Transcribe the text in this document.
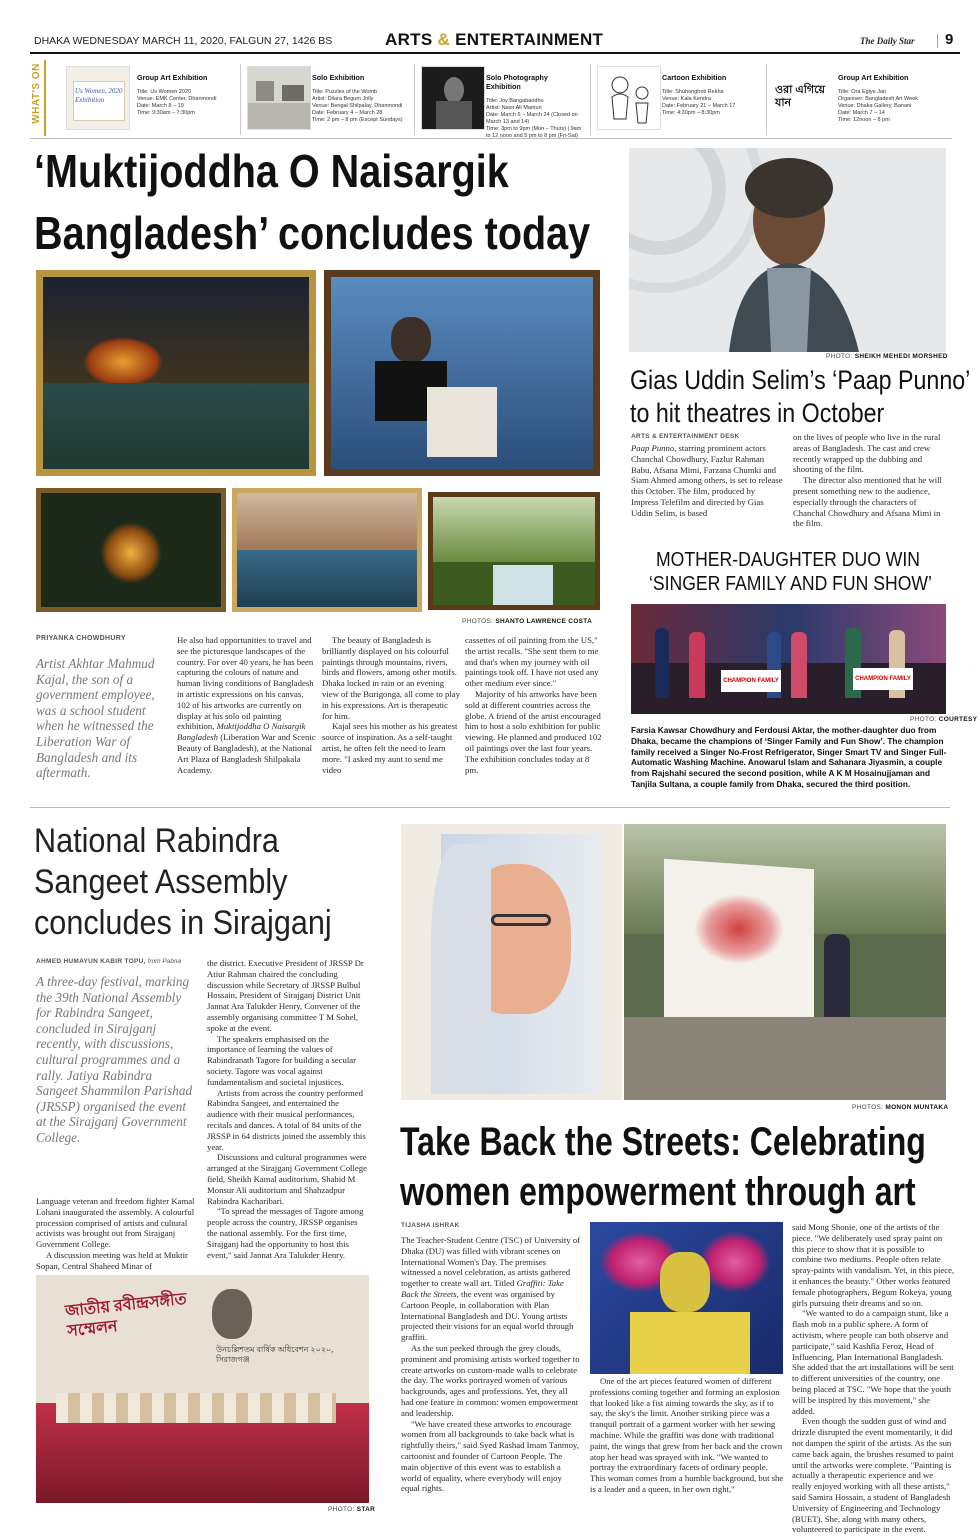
DHAKA WEDNESDAY MARCH 11, 2020, FALGUN 27, 1426 BS	ARTS & ENTERTAINMENT	The Daily Star 9
WHAT'S ON	Us Women, 2020 Exhibition

Group Art Exhibition

Title: Us Women 2020
Venue: EMK Center, Dhanmondi
Date: March 8 – 19
Time: 9:30am – 7:30pm

Solo Exhibition

Title: Puzzles of the Womb
Artist: Dilara Begum Jolly
Venue: Bengal Shilpalay, Dhanmondi
Date: February 4 – March 28
Time: 2 pm – 8 pm (Except Sundays)

Solo Photography Exhibition

Title: Joy Bangabandhu
Artist: Nasir Ali Mamun
Date: March 6 – March 24 (Closed on March 13 and 14)
Time: 3pm to 9pm (Mon – Thurs) | 9am to 12 noon and 5 pm to 8 pm (Fri-Sat)

Cartoon Exhibition

Title: Shuhonghoti Rekha
Venue: Kala Kendra
Date: February 21 – March 17
Time: 4:30pm – 8:30pm

ওরা এগিয়ে যান

Group Art Exhibition

Title: Ora Egiye Jan
Organiser: Bangladesh Art Week
Venue: Dhaka Gallery, Banani
Date: March 7 – 14
Time: 12noon – 8 pm

‘Muktijoddha O Naisargik
Bangladesh’ concludes today
PHOTOS: SHANTO LAWRENCE COSTA
PRIYANKA CHOWDHURY
Artist Akhtar Mahmud Kajal, the son of a government employee, was a school student when he witnessed the Liberation War of Bangladesh and its aftermath.

He also had opportunities to travel and see the picturesque landscapes of the country. For over 40 years, he has been capturing the colours of nature and human living conditions of Bangladesh in artistic expressions on his canvas. 102 of his artworks are currently on display at his solo oil painting exhibition, Muktijoddha O Naisargik Bangladesh (Liberation War and Scenic Beauty of Bangladesh), at the National Art Plaza of Bangladesh Shilpakala Academy.

The beauty of Bangladesh is brilliantly displayed on his colourful paintings through mountains, rivers, birds and flowers, among other motifs. Dhaka locked in rain or an evening view of the Burigonga, all come to play in his expressions. Art is therapeutic for him.

Kajal sees his mother as his greatest source of inspiration. As a self-taught artist, he often felt the need to learn more. "I asked my aunt to send me video

cassettes of oil painting from the US," the artist recalls. "She sent them to me and that's when my journey with oil paintings took off. I have not used any other medium ever since."

Majority of his artworks have been sold at different countries across the globe. A friend of the artist encouraged him to host a solo exhibition for public viewing. He planned and produced 102 oil paintings over the last four years. The exhibition concludes today at 8 pm.

PHOTO: SHEIKH MEHEDI MORSHED
Gias Uddin Selim’s ‘Paap Punno’
to hit theatres in October
ARTS & ENTERTAINMENT DESK

Paap Punno, starring prominent actors Chanchal Chowdhury, Fazlur Rahman Babu, Afsana Mimi, Farzana Chumki and Siam Ahmed among others, is set to release this October. The film, produced by Impress Telefilm and directed by Gias Uddin Selim, is based

on the lives of people who live in the rural areas of Bangladesh. The cast and crew recently wrapped up the dubbing and shooting of the film.

The director also mentioned that he will present something new to the audience, especially through the characters of Chanchal Chowdhury and Afsana Mimi in the film.

MOTHER-DAUGHTER DUO WIN
‘SINGER FAMILY AND FUN SHOW’
CHAMPION FAMILY	CHAMPION FAMILY
PHOTO: COURTESY
Farsia Kawsar Chowdhury and Ferdousi Aktar, the mother-daughter duo from Dhaka, became the champions of ‘Singer Family and Fun Show’. The champion family received a Singer No-Frost Refrigerator, Singer Smart TV and Singer Full-Automatic Washing Machine. Anowarul Islam and Sahanara Jiyasmin, a couple from Rajshahi secured the second position, while A K M Hosainujjaman and Tanjila Sultana, a couple family from Dhaka, secured the third position.
National Rabindra
Sangeet Assembly
concludes in Sirajganj
AHMED HUMAYUN KABIR TOPU, from Pabna
A three-day festival, marking the 39th National Assembly for Rabindra Sangeet, concluded in Sirajganj recently, with discussions, cultural programmes and a rally. Jatiya Rabindra Sangeet Shammilon Parishad (JRSSP) organised the event at the Sirajganj Government College.

Language veteran and freedom fighter Kamal Lohani inaugurated the assembly. A colourful procession comprised of artists and cultural activists was brought out from Sirajganj Government College.

A discussion meeting was held at Muktir Sopan, Central Shaheed Minar of

the district. Executive President of JRSSP Dr Atiur Rahman chaired the concluding discussion while Secretary of JRSSP Bulbul Hossain, President of Sirajganj District Unit Jannat Ara Talukder Henry, Convener of the assembly organising committee T M Sohel, spoke at the event.

The speakers emphasised on the importance of learning the values of Rabindranath Tagore for building a secular society. Tagore was vocal against fundamentalism and societal injustices.

Artists from across the country performed Rabindra Sangeet, and entertained the audience with their musical performances, recitals and dances. A total of 84 units of the JRSSP in 64 districts joined the assembly this year.

Discussions and cultural programmes were arranged at the Sirajganj Government College field, Sheikh Kamal auditorium, Shahid M Monsur Ali auditorium and Shahzadpur Rabindra Kacharibari.

"To spread the messages of Tagore among people across the country, JRSSP organises the national assembly. For the first time, Sirajganj had the opportunity to host this event," said Jannat Ara Talukder Henry.

জাতীয় রবীন্দ্রসঙ্গীত সম্মেলন
উনচল্লিশতম বার্ষিক অধিবেশন ২০২০, সিরাজগঞ্জ
PHOTO: STAR
PHOTOS: MONON MUNTAKA
Take Back the Streets: Celebrating
women empowerment through art
TIJASHA ISHRAK

The Teacher-Student Centre (TSC) of University of Dhaka (DU) was filled with vibrant scenes on International Women's Day. The premises witnessed a novel celebration, as artists gathered together to create wall art. Titled Graffiti: Take Back the Streets, the event was organised by Cartoon People, in collaboration with Plan International Bangladesh and DU. Young artists projected their visions for an equal world through graffiti.

As the sun peeked through the grey clouds, prominent and promising artists worked together to create artworks on custom-made walls to celebrate the day. The works portrayed women of various backgrounds, ages and professions. Yet, they all had one feature in common: women empowerment and leadership.

"We have created these artworks to encourage women from all backgrounds to take back what is rightfully theirs," said Syed Rashad Imam Tanmoy, cartoonist and founder of Cartoon People. The main objective of this event was to establish a world of equality, where everybody will enjoy equal rights.

One of the art pieces featured women of different professions coming together and forming an explosion that looked like a fist aiming towards the sky, as if to say, the sky's the limit. Another striking piece was a tranquil portrait of a garment worker with her sewing machine. While the graffiti was done with traditional paint, the wings that grew from her back and the crown atop her head was sprayed with ink. "We wanted to portray the extraordinary facets of ordinary people. This woman comes from a humble background, but she is a leader and a queen, in her own right,"

said Mong Shonie, one of the artists of the piece. "We deliberately used spray paint on this piece to show that it is possible to combine two mediums. People often relate spray-paints with vandalism. Yet, in this piece, it enhances the beauty." Other works featured female photographers, Begum Rokeya, young girls pursuing their dreams and so on.

"We wanted to do a campaign stunt, like a flash mob in a public sphere. A form of activism, where people can both observe and participate," said Kashfia Feroz, Head of Influencing, Plan International Bangladesh. She added that the art installations will be sent to different universities of the country, one being placed at TSC. "We hope that the youth will be inspired by this movement," she added.

Even though the sudden gust of wind and drizzle disrupted the event momentarily, it did not dampen the spirit of the artists. As the sun came back again, the brushes resumed to paint until the artworks were complete. "Painting is actually a therapeutic experience and we really enjoyed working with all these artists," said Samira Hossain, a student of Bangladesh University of Engineering and Technology (BUET). She, along with many others, volunteered to participate in the event.
